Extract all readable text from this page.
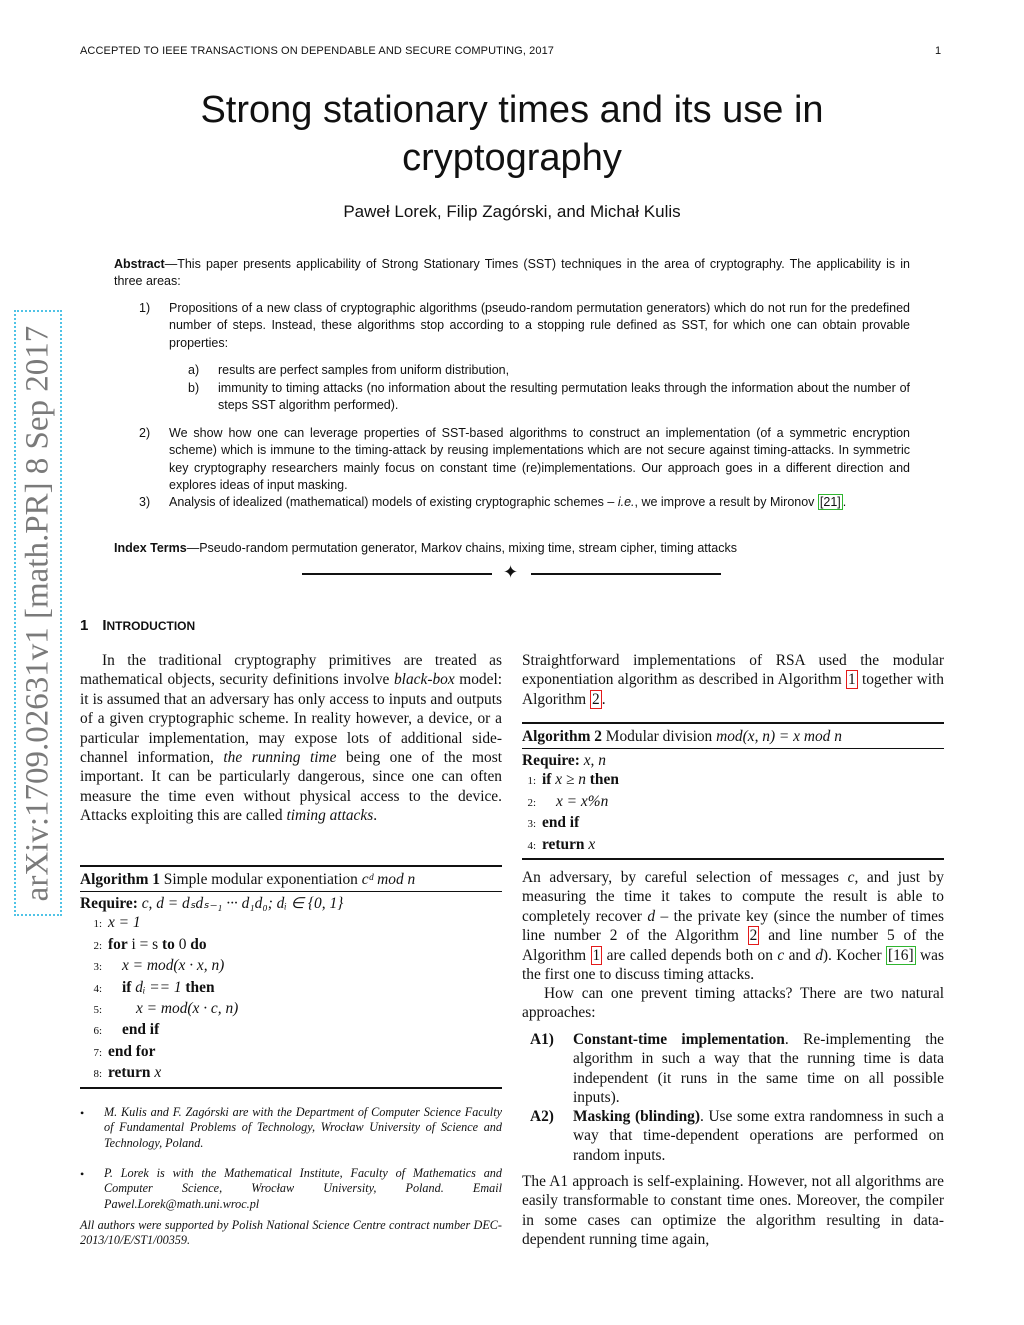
ACCEPTED TO IEEE TRANSACTIONS ON DEPENDABLE AND SECURE COMPUTING, 2017	1
Strong stationary times and its use in
cryptography
Paweł Lorek, Filip Zagórski, and Michał Kulis
arXiv:1709.02631v1 [math.PR] 8 Sep 2017
Abstract—This paper presents applicability of Strong Stationary Times (SST) techniques in the area of cryptography. The applicability is in three areas:
1) Propositions of a new class of cryptographic algorithms (pseudo-random permutation generators) which do not run for the predefined number of steps. Instead, these algorithms stop according to a stopping rule defined as SST, for which one can obtain provable properties:
a) results are perfect samples from uniform distribution,
b) immunity to timing attacks (no information about the resulting permutation leaks through the information about the number of steps SST algorithm performed).
2) We show how one can leverage properties of SST-based algorithms to construct an implementation (of a symmetric encryption scheme) which is immune to the timing-attack by reusing implementations which are not secure against timing-attacks. In symmetric key cryptography researchers mainly focus on constant time (re)implementations. Our approach goes in a different direction and explores ideas of input masking.
3) Analysis of idealized (mathematical) models of existing cryptographic schemes – i.e., we improve a result by Mironov [21] .
Index Terms—Pseudo-random permutation generator, Markov chains, mixing time, stream cipher, timing attacks
✦
1 INTRODUCTION
In the traditional cryptography primitives are treated as mathematical objects, security definitions involve black-box model: it is assumed that an adversary has only access to inputs and outputs of a given cryptographic scheme. In reality however, a device, or a particular implementation, may expose lots of additional side-channel information, the running time being one of the most important. It can be particularly dangerous, since one can often measure the time even without physical access to the device. Attacks exploiting this are called timing attacks.
Algorithm 1 Simple modular exponentiation cᵈ mod n
Require: c, d = dₛdₛ₋₁ ··· d₁d₀; dᵢ ∈ {0, 1}
1: x = 1
2: for i = s to 0 do
3: x = mod(x · x, n)
4: if dᵢ == 1 then
5: x = mod(x · c, n)
6: end if
7: end for
8: return x
• M. Kulis and F. Zagórski are with the Department of Computer Science Faculty of Fundamental Problems of Technology, Wrocław University of Science and Technology, Poland.
• P. Lorek is with the Mathematical Institute, Faculty of Mathematics and Computer Science, Wrocław University, Poland. Email Pawel.Lorek@math.uni.wroc.pl
All authors were supported by Polish National Science Centre contract number DEC-2013/10/E/ST1/00359.
Straightforward implementations of RSA used the modular exponentiation algorithm as described in Algorithm 1 together with Algorithm 2 .
Algorithm 2 Modular division mod(x, n) = x mod n
Require: x, n
1: if x ≥ n then
2: x = x%n
3: end if
4: return x
An adversary, by careful selection of messages c, and just by measuring the time it takes to compute the result is able to completely recover d – the private key (since the number of times line number 2 of the Algorithm 2 and line number 5 of the Algorithm 1 are called depends both on c and d). Kocher [16] was the first one to discuss timing attacks.
How can one prevent timing attacks? There are two natural approaches:
A1) Constant-time implementation. Re-implementing the algorithm in such a way that the running time is data independent (it runs in the same time on all possible inputs).
A2) Masking (blinding). Use some extra randomness in such a way that time-dependent operations are performed on random inputs.
The A1 approach is self-explaining. However, not all algorithms are easily transformable to constant time ones. Moreover, the compiler in some cases can optimize the algorithm resulting in data-dependent running time again,
